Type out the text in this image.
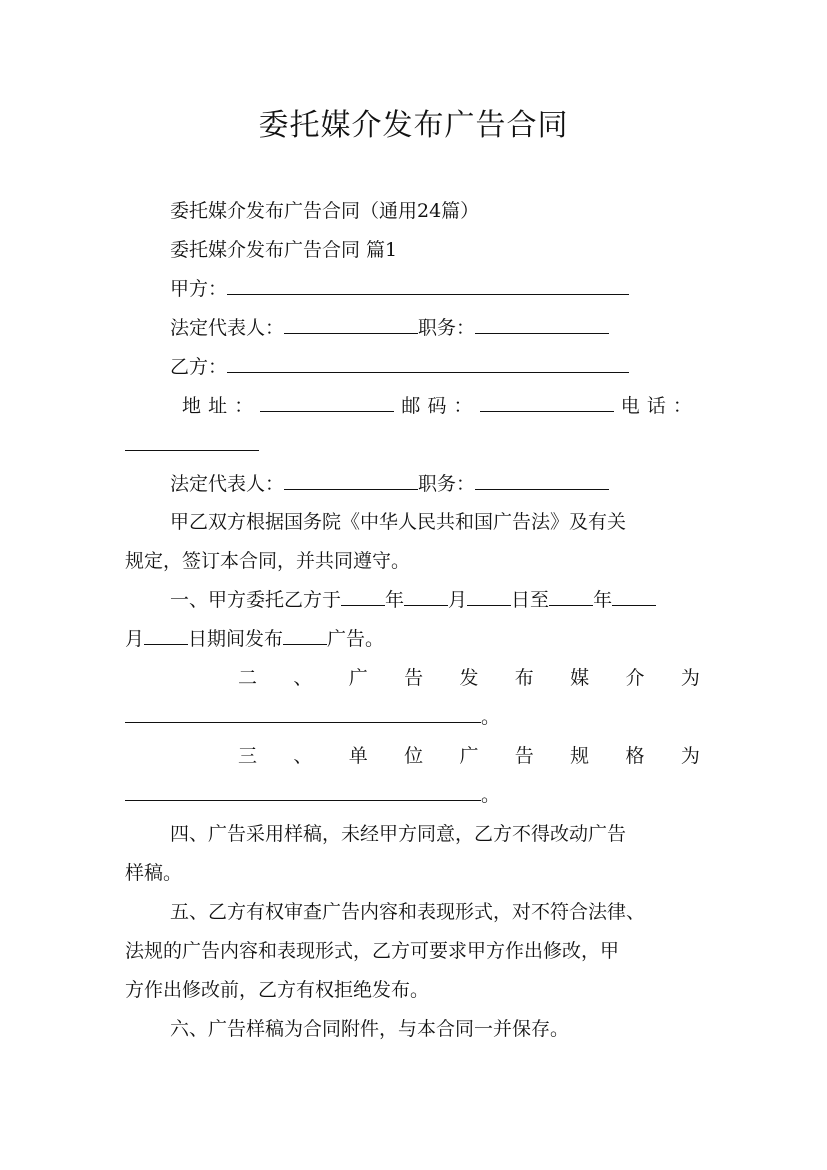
委托媒介发布广告合同
委托媒介发布广告合同（通用24篇）
委托媒介发布广告合同 篇1
甲方：
法定代表人：	职务：
乙方：
地 址 ：	邮 码 ：	电 话 ：
法定代表人：	职务：
甲乙双方根据国务院《中华人民共和国广告法》及有关
规定，签订本合同，并共同遵守。
一、甲方委托乙方于 年 月 日至 年
月 日期间发布 广告。
二 、 广 告 发 布 媒 介 为
。
三 、 单 位 广 告 规 格 为
。
四、广告采用样稿，未经甲方同意，乙方不得改动广告
样稿。
五、乙方有权审查广告内容和表现形式，对不符合法律、
法规的广告内容和表现形式，乙方可要求甲方作出修改，甲
方作出修改前，乙方有权拒绝发布。
六、广告样稿为合同附件，与本合同一并保存。
